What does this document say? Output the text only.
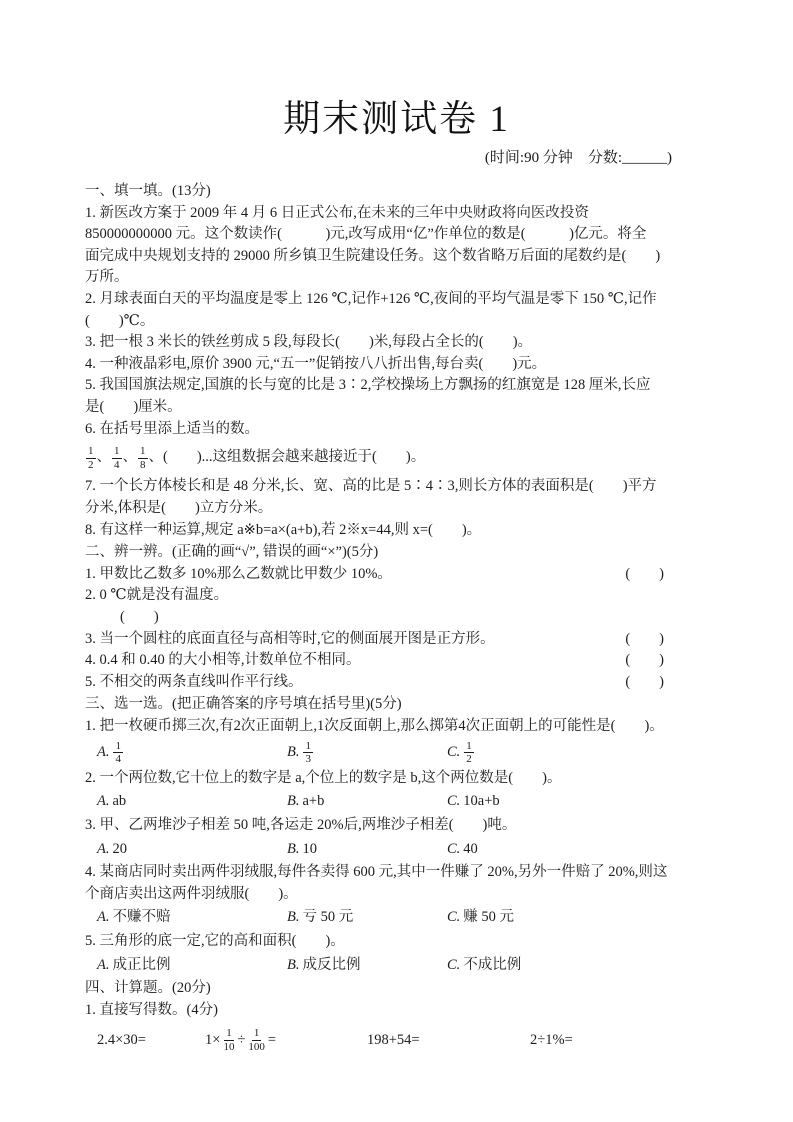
期末测试卷 1
(时间:90 分钟　分数:______)
一、填一填。(13分)
1. 新医改方案于 2009 年 4 月 6 日正式公布,在未来的三年中央财政将向医改投资
850000000000 元。这个数读作(　　　)元,改写成用“亿”作单位的数是(　　　)亿元。将全
面完成中央规划支持的 29000 所乡镇卫生院建设任务。这个数省略万后面的尾数约是(　　)
万所。
2. 月球表面白天的平均温度是零上 126 ℃,记作+126 ℃,夜间的平均气温是零下 150 ℃,记作
(　　)℃。
3. 把一根 3 米长的铁丝剪成 5 段,每段长(　　)米,每段占全长的(　　)。
4. 一种液晶彩电,原价 3900 元,“五一”促销按八八折出售,每台卖(　　)元。
5. 我国国旗法规定,国旗的长与宽的比是 3∶2,学校操场上方飘扬的红旗宽是 128 厘米,长应
是(　　)厘米。
6. 在括号里添上适当的数。
$\frac{1}{2}$ 、 $\frac{1}{4}$ 、 $\frac{1}{8}$ 、 (　　)...这组数据会越来越接近于(　　)。
7. 一个长方体棱长和是 48 分米,长、宽、高的比是 5∶4∶3,则长方体的表面积是(　　)平方
分米,体积是(　　)立方分米。
8. 有这样一种运算,规定 a※b=a×(a+b),若 2※x=44,则 x=(　　)。
二、辨一辨。(正确的画“√”, 错误的画“×”)(5分)
1. 甲数比乙数多 10%那么乙数就比甲数少 10%。	(　　)
2. 0 ℃就是没有温度。
(　　)
3. 当一个圆柱的底面直径与高相等时,它的侧面展开图是正方形。	(　　)
4. 0.4 和 0.40 的大小相等,计数单位不相同。	(　　)
5. 不相交的两条直线叫作平行线。	(　　)
三、选一选。(把正确答案的序号填在括号里)(5分)
1. 把一枚硬币掷三次,有2次正面朝上,1次反面朝上,那么掷第4次正面朝上的可能性是(　　)。
A. $\frac{1}{4}$	B. $\frac{1}{3}$	C. $\frac{1}{2}$
2. 一个两位数,它十位上的数字是 a,个位上的数字是 b,这个两位数是(　　)。
A. ab	B. a+b	C. 10a+b
3. 甲、乙两堆沙子相差 50 吨,各运走 20%后,两堆沙子相差(　　)吨。
A. 20	B. 10	C. 40
4. 某商店同时卖出两件羽绒服,每件各卖得 600 元,其中一件赚了 20%,另外一件赔了 20%,则这
个商店卖出这两件羽绒服(　　)。
A. 不赚不赔	B. 亏 50 元	C. 赚 50 元
5. 三角形的底一定,它的高和面积(　　)。
A. 成正比例	B. 成反比例	C. 不成比例
四、计算题。(20分)
1. 直接写得数。(4分)
2.4×30=	$1\times \frac{1}{10} \div \frac{1}{100}$ =	198+54=	2÷1%=
